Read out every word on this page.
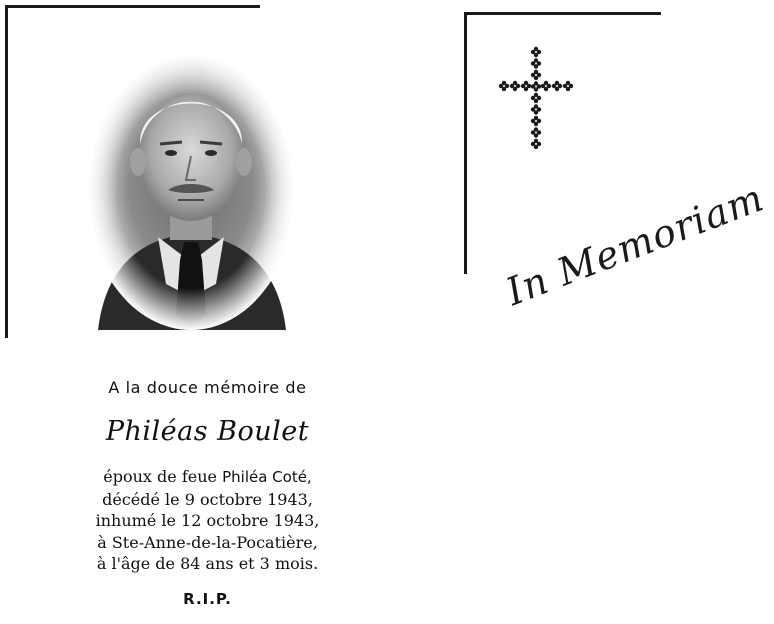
A la douce mémoire de
Philéas Boulet
époux de feue Philéa Coté,
décédé le 9 octobre 1943,
inhumé le 12 octobre 1943,
à Ste-Anne-de-la-Pocatière,
à l'âge de 84 ans et 3 mois.
R.I.P.
In Memoriam
